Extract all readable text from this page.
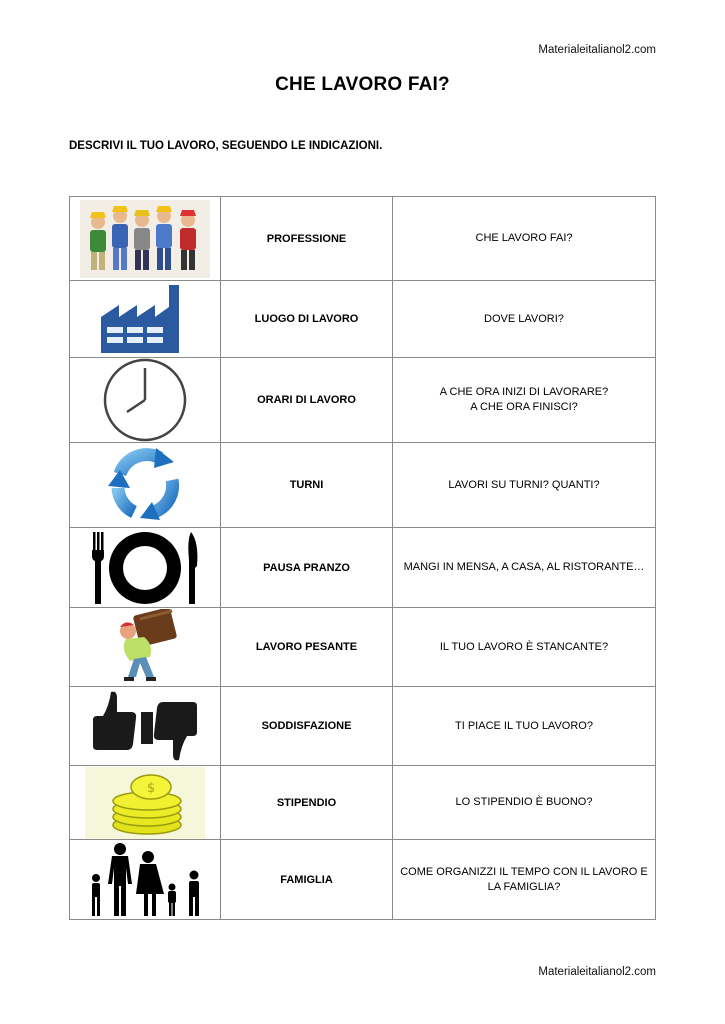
Materialeitalianol2.com
CHE LAVORO FAI?
DESCRIVI IL TUO LAVORO, SEGUENDO LE INDICAZIONI.
	PROFESSIONE	CHE LAVORO FAI?

	LUOGO DI LAVORO	DOVE LAVORI?

	ORARI DI LAVORO	A CHE ORA INIZI DI LAVORARE?
A CHE ORA FINISCI?

	TURNI	LAVORI SU TURNI? QUANTI?

	PAUSA PRANZO	MANGI IN MENSA, A CASA, AL RISTORANTE…

	LAVORO PESANTE	IL TUO LAVORO È STANCANTE?

	SODDISFAZIONE	TI PIACE IL TUO LAVORO?

$	STIPENDIO	LO STIPENDIO È BUONO?

	FAMIGLIA	COME ORGANIZZI IL TEMPO CON IL LAVORO E
LA FAMIGLIA?
Materialeitalianol2.com
